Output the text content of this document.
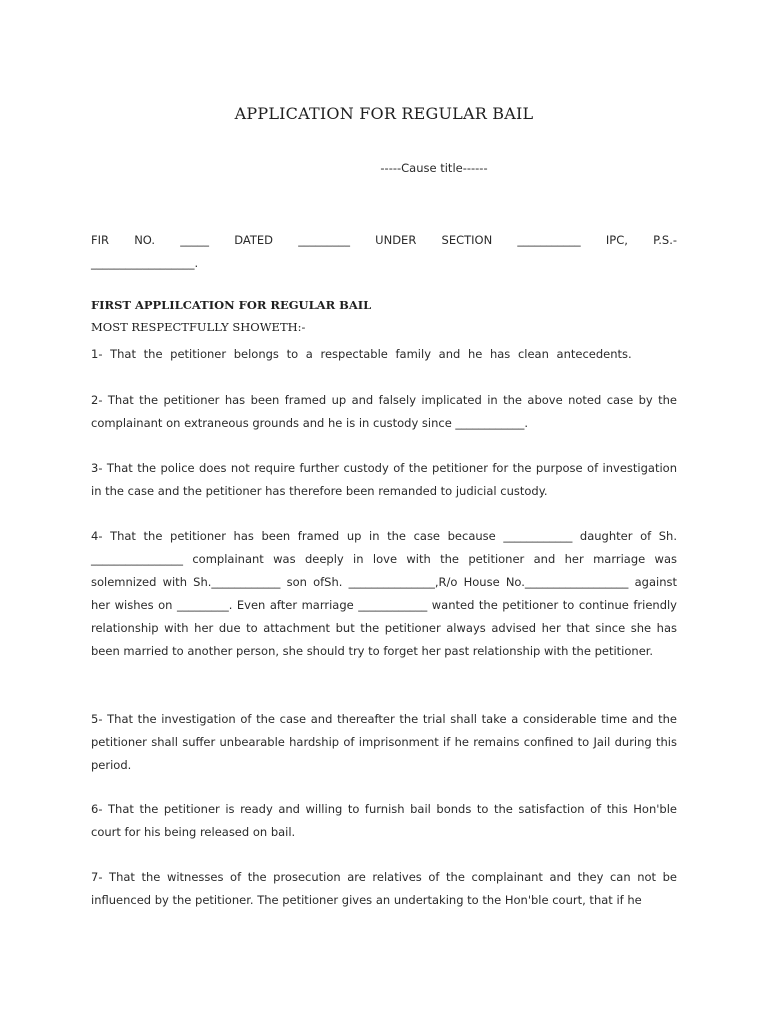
APPLICATION FOR REGULAR BAIL
-----Cause title------
FIR NO. _____ DATED _________ UNDER SECTION ___________ IPC, P.S.- __________________.
FIRST APPLILCATION FOR REGULAR BAIL
MOST RESPECTFULLY SHOWETH:-
1- That the petitioner belongs to a respectable family and he has clean antecedents.
2- That the petitioner has been framed up and falsely implicated in the above noted case by the complainant on extraneous grounds and he is in custody since ____________.
3- That the police does not require further custody of the petitioner for the purpose of investigation in the case and the petitioner has therefore been remanded to judicial custody.
4- That the petitioner has been framed up in the case because ____________ daughter of Sh. ________________ complainant was deeply in love with the petitioner and her marriage was solemnized with Sh.____________ son ofSh. _______________,R/o House No.__________________ against her wishes on _________. Even after marriage ____________ wanted the petitioner to continue friendly relationship with her due to attachment but the petitioner always advised her that since she has been married to another person, she should try to forget her past relationship with the petitioner.
5- That the investigation of the case and thereafter the trial shall take a considerable time and the petitioner shall suffer unbearable hardship of imprisonment if he remains confined to Jail during this period.
6- That the petitioner is ready and willing to furnish bail bonds to the satisfaction of this Hon'ble court for his being released on bail.
7- That the witnesses of the prosecution are relatives of the complainant and they can not be influenced by the petitioner. The petitioner gives an undertaking to the Hon'ble court, that if he
